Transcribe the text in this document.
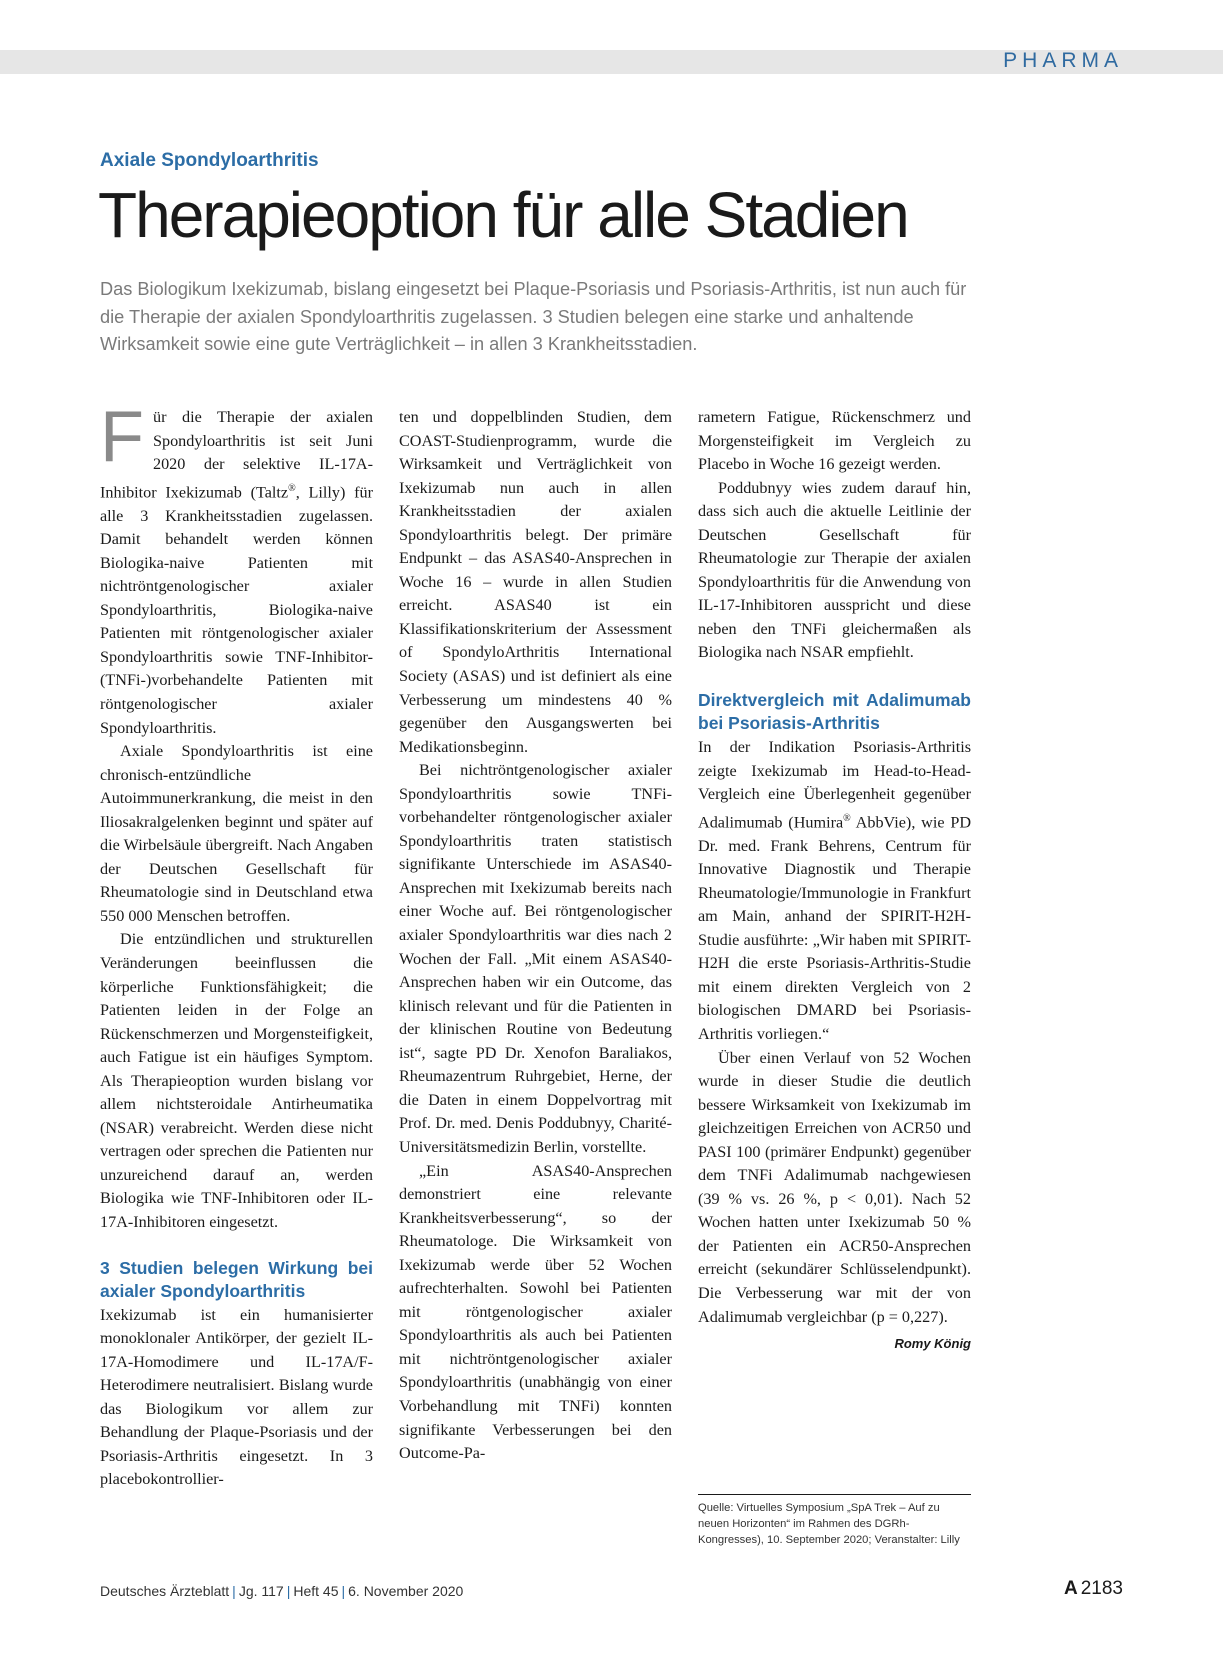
PHARMA
Axiale Spondyloarthritis
Therapieoption für alle Stadien
Das Biologikum Ixekizumab, bislang eingesetzt bei Plaque-Psoriasis und Psoriasis-Arthritis, ist nun auch für die Therapie der axialen Spondyloarthritis zugelassen. 3 Studien belegen eine starke und anhaltende Wirksamkeit sowie eine gute Verträglichkeit – in allen 3 Krankheitsstadien.

Für die Therapie der axialen Spondyloarthritis ist seit Juni 2020 der selektive IL-17A-Inhibitor Ixekizumab (Taltz®, Lilly) für alle 3 Krankheitsstadien zugelassen. Damit behandelt werden können Biologika-naive Patienten mit nichtröntgenologischer axialer Spondyloarthritis, Biologika-naive Patienten mit röntgenologischer axialer Spondyloarthritis sowie TNF-Inhibitor-(TNFi-)vorbehandelte Patienten mit röntgenologischer axialer Spondyloarthritis.

Axiale Spondyloarthritis ist eine chronisch-entzündliche Autoimmunerkrankung, die meist in den Iliosakralgelenken beginnt und später auf die Wirbelsäule übergreift. Nach Angaben der Deutschen Gesellschaft für Rheumatologie sind in Deutschland etwa 550 000 Menschen betroffen.

Die entzündlichen und strukturellen Veränderungen beeinflussen die körperliche Funktionsfähigkeit; die Patienten leiden in der Folge an Rückenschmerzen und Morgensteifigkeit, auch Fatigue ist ein häufiges Symptom. Als Therapieoption wurden bislang vor allem nichtsteroidale Antirheumatika (NSAR) verabreicht. Werden diese nicht vertragen oder sprechen die Patienten nur unzureichend darauf an, werden Biologika wie TNF-Inhibitoren oder IL-17A-Inhibitoren eingesetzt.

3 Studien belegen Wirkung bei axialer Spondyloarthritis

Ixekizumab ist ein humanisierter monoklonaler Antikörper, der gezielt IL-17A-Homodimere und IL-17A/F-Heterodimere neutralisiert. Bislang wurde das Biologikum vor allem zur Behandlung der Plaque-Psoriasis und der Psoriasis-Arthritis eingesetzt. In 3 placebokontrollier-

ten und doppelblinden Studien, dem COAST-Studienprogramm, wurde die Wirksamkeit und Verträglichkeit von Ixekizumab nun auch in allen Krankheitsstadien der axialen Spondyloarthritis belegt. Der primäre Endpunkt – das ASAS40-Ansprechen in Woche 16 – wurde in allen Studien erreicht. ASAS40 ist ein Klassifikationskriterium der Assessment of SpondyloArthritis International Society (ASAS) und ist definiert als eine Verbesserung um mindestens 40 % gegenüber den Ausgangswerten bei Medikationsbeginn.

Bei nichtröntgenologischer axialer Spondyloarthritis sowie TNFi-vorbehandelter röntgenologischer axialer Spondyloarthritis traten statistisch signifikante Unterschiede im ASAS40-Ansprechen mit Ixekizumab bereits nach einer Woche auf. Bei röntgenologischer axialer Spondyloarthritis war dies nach 2 Wochen der Fall. „Mit einem ASAS40-Ansprechen haben wir ein Outcome, das klinisch relevant und für die Patienten in der klinischen Routine von Bedeutung ist“, sagte PD Dr. Xenofon Baraliakos, Rheumazentrum Ruhrgebiet, Herne, der die Daten in einem Doppelvortrag mit Prof. Dr. med. Denis Poddubnyy, Charité-Universitätsmedizin Berlin, vorstellte.

„Ein ASAS40-Ansprechen demonstriert eine relevante Krankheitsverbesserung“, so der Rheumatologe. Die Wirksamkeit von Ixekizumab werde über 52 Wochen aufrechterhalten. Sowohl bei Patienten mit röntgenologischer axialer Spondyloarthritis als auch bei Patienten mit nichtröntgenologischer axialer Spondyloarthritis (unabhängig von einer Vorbehandlung mit TNFi) konnten signifikante Verbesserungen bei den Outcome-Pa-

rametern Fatigue, Rückenschmerz und Morgensteifigkeit im Vergleich zu Placebo in Woche 16 gezeigt werden.

Poddubnyy wies zudem darauf hin, dass sich auch die aktuelle Leitlinie der Deutschen Gesellschaft für Rheumatologie zur Therapie der axialen Spondyloarthritis für die Anwendung von IL-17-Inhibitoren ausspricht und diese neben den TNFi gleichermaßen als Biologika nach NSAR empfiehlt.

Direktvergleich mit Adalimumab bei Psoriasis-Arthritis

In der Indikation Psoriasis-Arthritis zeigte Ixekizumab im Head-to-Head-Vergleich eine Überlegenheit gegenüber Adalimumab (Humira® AbbVie), wie PD Dr. med. Frank Behrens, Centrum für Innovative Diagnostik und Therapie Rheumatologie/Immunologie in Frankfurt am Main, anhand der SPIRIT-H2H-Studie ausführte: „Wir haben mit SPIRIT-H2H die erste Psoriasis-Arthritis-Studie mit einem direkten Vergleich von 2 biologischen DMARD bei Psoriasis-Arthritis vorliegen.“

Über einen Verlauf von 52 Wochen wurde in dieser Studie die deutlich bessere Wirksamkeit von Ixekizumab im gleichzeitigen Erreichen von ACR50 und PASI 100 (primärer Endpunkt) gegenüber dem TNFi Adalimumab nachgewiesen (39 % vs. 26 %, p < 0,01). Nach 52 Wochen hatten unter Ixekizumab 50 % der Patienten ein ACR50-Ansprechen erreicht (sekundärer Schlüsselendpunkt). Die Verbesserung war mit der von Adalimumab vergleichbar (p = 0,227).
Romy König

Quelle: Virtuelles Symposium „SpA Trek – Auf zu neuen Horizonten“ im Rahmen des DGRh-Kongresses), 10. September 2020; Veranstalter: Lilly
Deutsches Ärzteblatt | Jg. 117 | Heft 45 | 6. November 2020	A 2183
